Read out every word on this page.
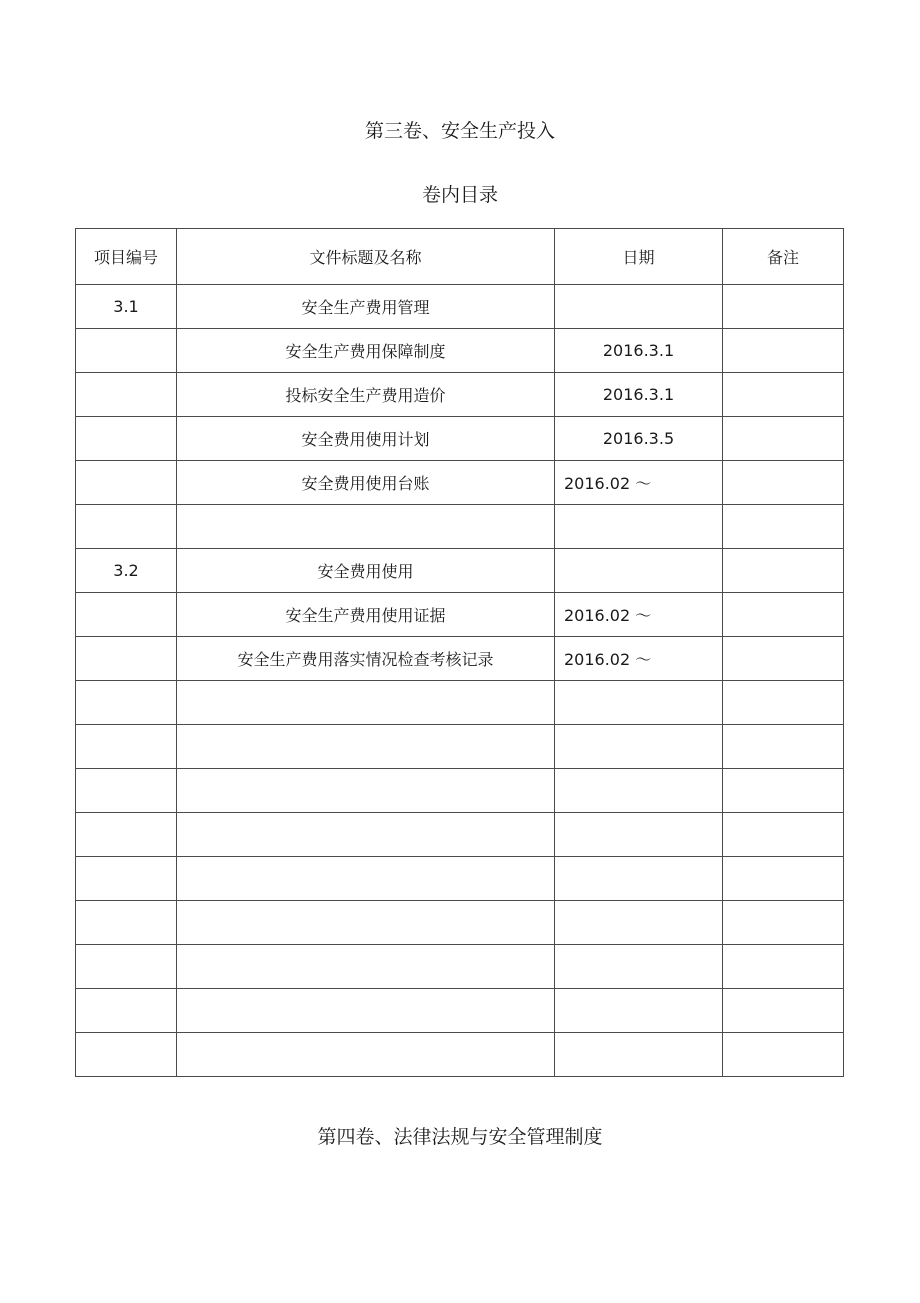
第三卷、安全生产投入
卷内目录
项目编号	文件标题及名称	日期	备注
3.1	安全生产费用管理		
	安全生产费用保障制度	2016.3.1	
	投标安全生产费用造价	2016.3.1	
	安全费用使用计划	2016.3.5	
	安全费用使用台账	2016.02 ～	

3.2	安全费用使用		
	安全生产费用使用证据	2016.02 ～	
	安全生产费用落实情况检查考核记录	2016.02 ～	

第四卷、法律法规与安全管理制度
